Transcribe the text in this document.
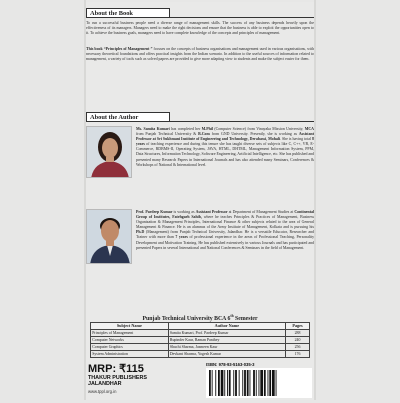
About the Book
To run a successful business people need a diverse range of management skills. The success of any business depends heavily upon the effectiveness of its managers. Managers need to make the right decisions and ensure that the business is able to exploit the opportunities open to it. To achieve the business goals, managers need to have complete knowledge of the concepts and principles of management.
This book “Principles of Management ” focuses on the concepts of business organisations and management used in various organisations, with necessary theoretical foundations and offers practical insights from the Indian scenario. In addition to the useful sources of information related to management, a variety of tools such as solved papers are provided to give more adapting view to students and make the subject easier for them.
About the Author
Ms. Samita Kumari has completed her M.Phil (Computer Science) from Vinayaka Mission University, MCA from Punjab Technical University & B.Com from GND University. Presently, she is working as Assistant Professor at Sri Sukhmani Institute of Engineering and Technology, Derabassi, Mohali. She is having total 8 years of teaching experience and during this tenure she has taught diverse sets of subjects like C, C++, VB, E-Commerce, RDBMS-II, Operating System, JAVA, HTML, DHTML, Management Information System, PPM, Data Structures, Information Technology, Software Engineering, Artificial Intelligence, etc. She has published and presented many Research Papers in International Journals and has also attended many Seminars, Conferences & Workshops of National & International level.
Prof. Pardeep Kumar is working as Assistant Professor at Department of Management Studies at Continental Group of Institutes, Fatehgarh Sahib, where he teaches Principles & Practices of Management, Business Organization & Management Principles, International Finance & other subjects related to the area of General Management & Finance. He is an alumnus of the Army Institute of Management, Kolkata and is pursuing his Ph.D (Management) from Punjab Technical University, Jalandhar. He is a versatile Educator, Researcher and Trainer with more than 7 years of professional experience in the areas of Professional Teaching, Personality Development and Motivation Training. He has published extensively in various Journals and has participated and presented Papers in several International and National Conferences & Seminars in the field of Management.
Punjab Technical University BCA 6th Semester
Subject Name	Author Name	Pages
Principles of Management	Samita Kumari, Prof. Pardeep Kumar	288
Computer Networks	Rupinder Kaur, Raman Panthey	240
Computer Graphics	Shuchi Sharma, Jasmeen Kaur	256
System Administration	Devkant Sharma, Yogesh Kumar	176
MRP: ₹115
THAKUR PUBLISHERS
JALANDHAR
www.tppl.org.in
ISBN: 978-93-5163-035-3
